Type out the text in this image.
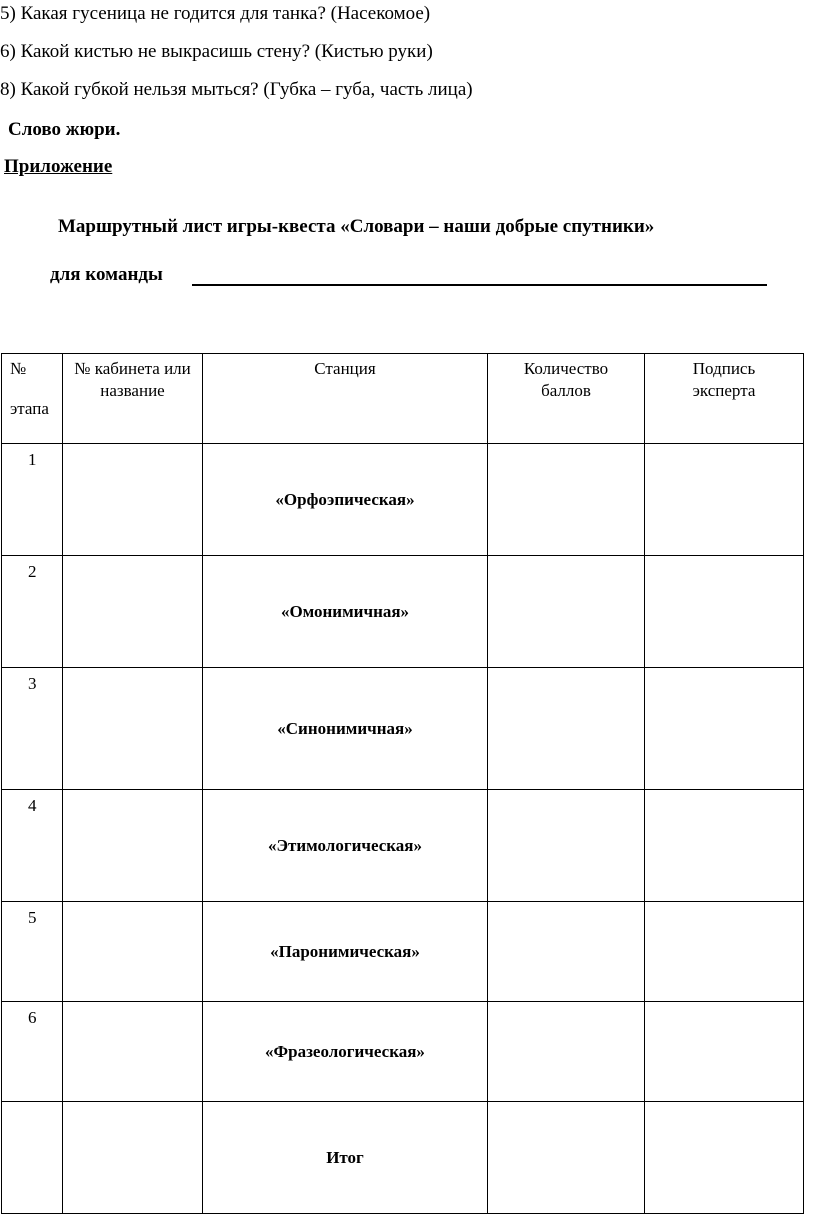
5) Какая гусеница не годится для танка? (Насекомое)
6) Какой кистью не выкрасишь стену? (Кистью руки)
8) Какой губкой нельзя мыться? (Губка – губа, часть лица)
Слово жюри.
Приложение
Маршрутный лист игры-квеста «Словари – наши добрые спутники»
для команды
№
этапа	№ кабинета или название	Станция	Количество баллов	Подпись эксперта
1		«Орфоэпическая»		
2		«Омонимичная»		
3		«Синонимичная»		
4		«Этимологическая»		
5		«Паронимическая»		
6		«Фразеологическая»		
		Итог		
